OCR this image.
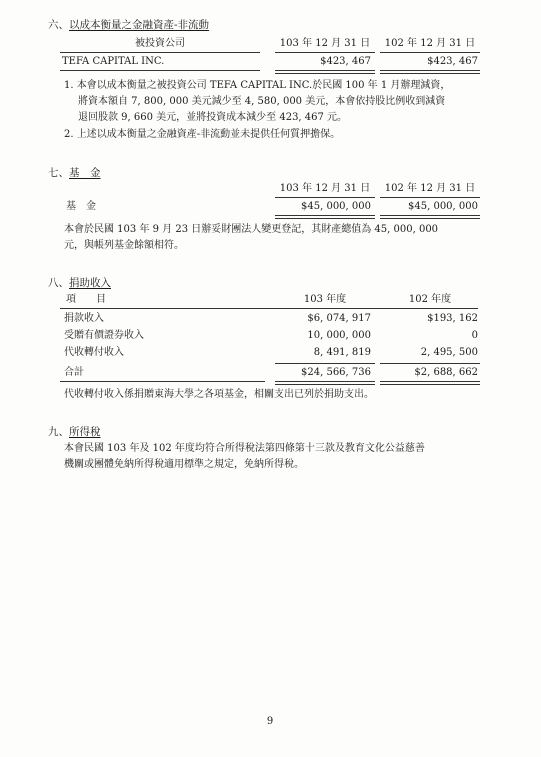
六、以成本衡量之金融資產-非流動
被投資公司	103 年 12 月 31 日	102 年 12 月 31 日
TEFA CAPITAL INC.	$423, 467	$423, 467
1. 本會以成本衡量之被投資公司 TEFA CAPITAL INC.於民國 100 年 1 月辦理減資，
將資本額自 7, 800, 000 美元減少至 4, 580, 000 美元，本會依持股比例收到減資
退回股款 9, 660 美元，並將投資成本減少至 423, 467 元。
2. 上述以成本衡量之金融資產-非流動並未提供任何質押擔保。
七、基　金
103 年 12 月 31 日	102 年 12 月 31 日
基　金	$45, 000, 000	$45, 000, 000
本會於民國 103 年 9 月 23 日辦妥財團法人變更登記，其財產總值為 45, 000, 000
元，與帳列基金餘額相符。
八、捐助收入
項　　目	103 年度	102 年度
捐款收入	$6, 074, 917	$193, 162
受贈有價證券收入	10, 000, 000	0
代收轉付收入	8, 491, 819	2, 495, 500
合計	$24, 566, 736	$2, 688, 662
代收轉付收入係捐贈東海大學之各項基金，相關支出已列於捐助支出。
九、所得稅
本會民國 103 年及 102 年度均符合所得稅法第四條第十三款及教育文化公益慈善
機關或團體免納所得稅適用標準之規定，免納所得稅。
9
